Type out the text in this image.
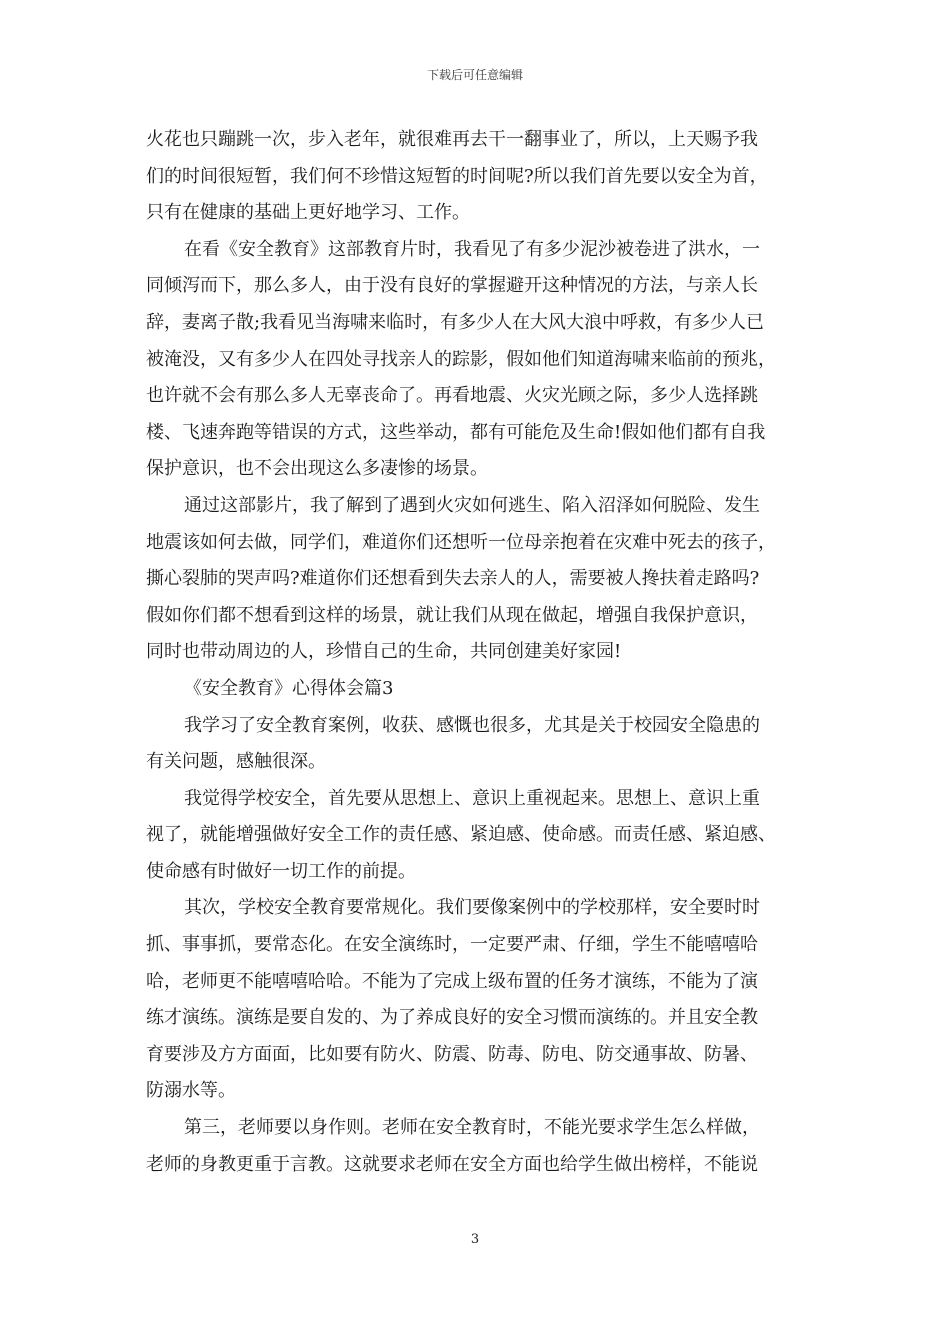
下载后可任意编辑
火花也只蹦跳一次，步入老年，就很难再去干一翻事业了，所以，上天赐予我
们的时间很短暂，我们何不珍惜这短暂的时间呢?所以我们首先要以安全为首，
只有在健康的基础上更好地学习、工作。
在看《安全教育》这部教育片时，我看见了有多少泥沙被卷进了洪水，一
同倾泻而下，那么多人，由于没有良好的掌握避开这种情况的方法，与亲人长
辞，妻离子散;我看见当海啸来临时，有多少人在大风大浪中呼救，有多少人已
被淹没，又有多少人在四处寻找亲人的踪影，假如他们知道海啸来临前的预兆，
也许就不会有那么多人无辜丧命了。再看地震、火灾光顾之际，多少人选择跳
楼、飞速奔跑等错误的方式，这些举动，都有可能危及生命!假如他们都有自我
保护意识，也不会出现这么多凄惨的场景。
通过这部影片，我了解到了遇到火灾如何逃生、陷入沼泽如何脱险、发生
地震该如何去做，同学们，难道你们还想听一位母亲抱着在灾难中死去的孩子，
撕心裂肺的哭声吗?难道你们还想看到失去亲人的人，需要被人搀扶着走路吗?
假如你们都不想看到这样的场景，就让我们从现在做起，增强自我保护意识，
同时也带动周边的人，珍惜自己的生命，共同创建美好家园!
《安全教育》心得体会篇3
我学习了安全教育案例，收获、感慨也很多，尤其是关于校园安全隐患的
有关问题，感触很深。
我觉得学校安全，首先要从思想上、意识上重视起来。思想上、意识上重
视了，就能增强做好安全工作的责任感、紧迫感、使命感。而责任感、紧迫感、
使命感有时做好一切工作的前提。
其次，学校安全教育要常规化。我们要像案例中的学校那样，安全要时时
抓、事事抓，要常态化。在安全演练时，一定要严肃、仔细，学生不能嘻嘻哈
哈，老师更不能嘻嘻哈哈。不能为了完成上级布置的任务才演练，不能为了演
练才演练。演练是要自发的、为了养成良好的安全习惯而演练的。并且安全教
育要涉及方方面面，比如要有防火、防震、防毒、防电、防交通事故、防暑、
防溺水等。
第三，老师要以身作则。老师在安全教育时，不能光要求学生怎么样做，
老师的身教更重于言教。这就要求老师在安全方面也给学生做出榜样，不能说
3
